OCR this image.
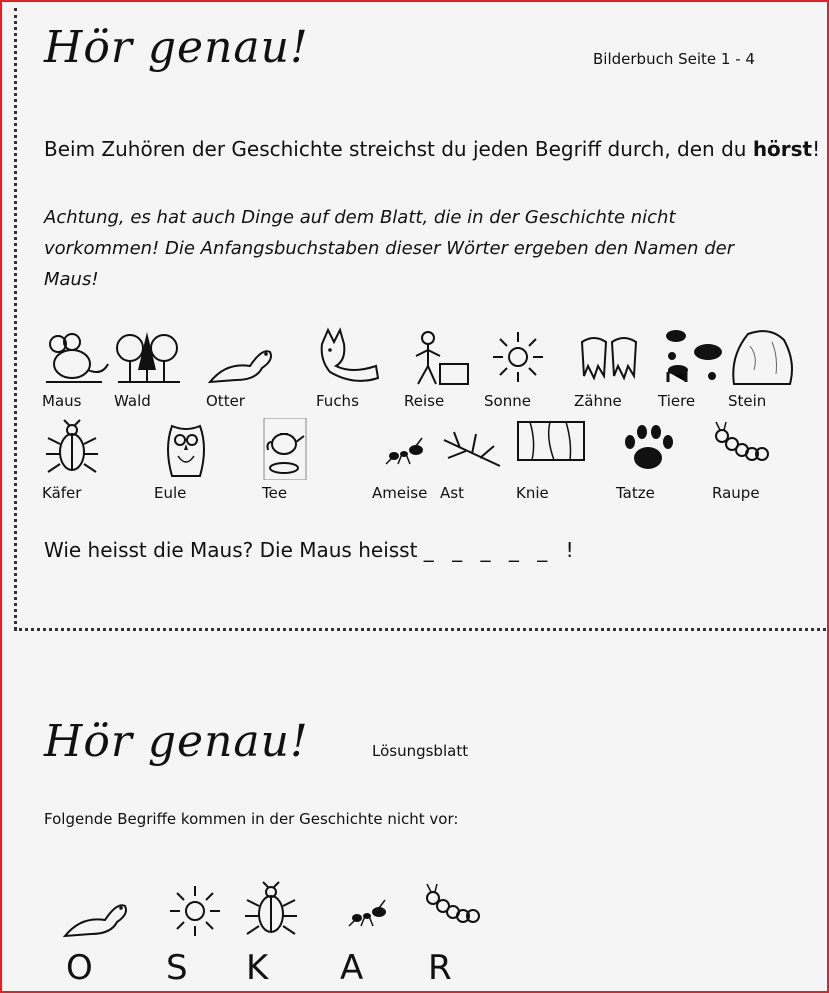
Hör genau!	Bilderbuch Seite 1 - 4
Beim Zuhören der Geschichte streichst du jeden Begriff durch, den du hörst!
Achtung, es hat auch Dinge auf dem Blatt, die in der Geschichte nicht vorkommen! Die Anfangsbuchstaben dieser Wörter ergeben den Namen der Maus!
Maus Wald	Otter	Fuchs	Reise	Sonne	Zähne Tiere Stein
Käfer	Eule	Tee	Ameise Ast	Knie	Tatze	Raupe
Wie heisst die Maus? Die Maus heisst _ _ _ _ _ !
Hör genau!	Lösungsblatt
Folgende Begriffe kommen in der Geschichte nicht vor:
O S K A R
